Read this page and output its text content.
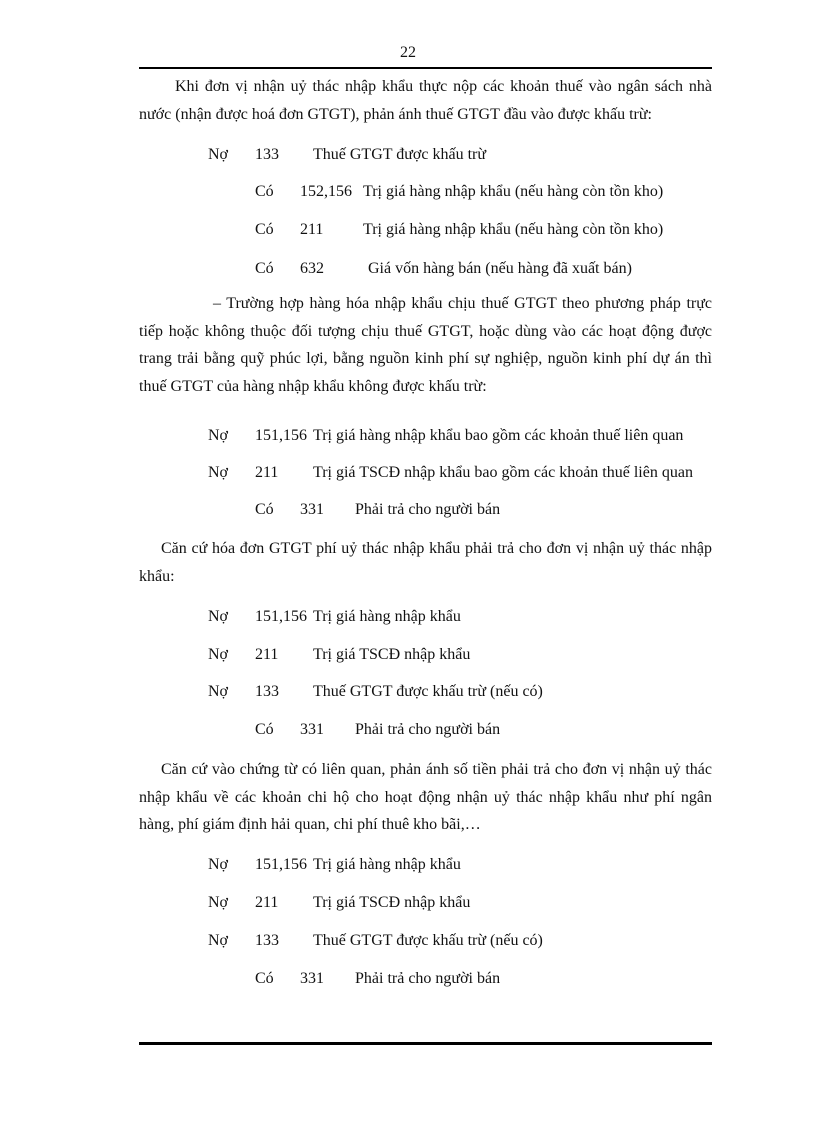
22

Khi đơn vị nhận uỷ thác nhập khẩu thực nộp các khoản thuế vào ngân sách nhà nước (nhận được hoá đơn GTGT), phản ánh thuế GTGT đầu vào được khấu trừ:

Nợ 133 Thuế GTGT được khấu trừ
Có 152,156 Trị giá hàng nhập khẩu (nếu hàng còn tồn kho)
Có 211 Trị giá hàng nhập khẩu (nếu hàng còn tồn kho)
Có 632	Giá vốn hàng bán (nếu hàng đã xuất bán)

– Trường hợp hàng hóa nhập khẩu chịu thuế GTGT theo phương pháp trực tiếp hoặc không thuộc đối tượng chịu thuế GTGT, hoặc dùng vào các hoạt động được trang trải bằng quỹ phúc lợi, bằng nguồn kinh phí sự nghiệp, nguồn kinh phí dự án thì thuế GTGT của hàng nhập khẩu không được khấu trừ:

Nợ 151,156 Trị giá hàng nhập khẩu bao gồm các khoản thuế liên quan
Nợ 211 Trị giá TSCĐ nhập khẩu bao gồm các khoản thuế liên quan
Có 331 Phải trả cho người bán

Căn cứ hóa đơn GTGT phí uỷ thác nhập khẩu phải trả cho đơn vị nhận uỷ thác nhập khẩu:

Nợ 151,156 Trị giá hàng nhập khẩu
Nợ 211 Trị giá TSCĐ nhập khẩu
Nợ 133 Thuế GTGT được khấu trừ (nếu có)
Có 331 Phải trả cho người bán

Căn cứ vào chứng từ có liên quan, phản ánh số tiền phải trả cho đơn vị nhận uỷ thác nhập khẩu về các khoản chi hộ cho hoạt động nhận uỷ thác nhập khẩu như phí ngân hàng, phí giám định hải quan, chi phí thuê kho bãi,…

Nợ 151,156 Trị giá hàng nhập khẩu
Nợ 211 Trị giá TSCĐ nhập khẩu
Nợ 133 Thuế GTGT được khấu trừ (nếu có)
Có 331 Phải trả cho người bán
